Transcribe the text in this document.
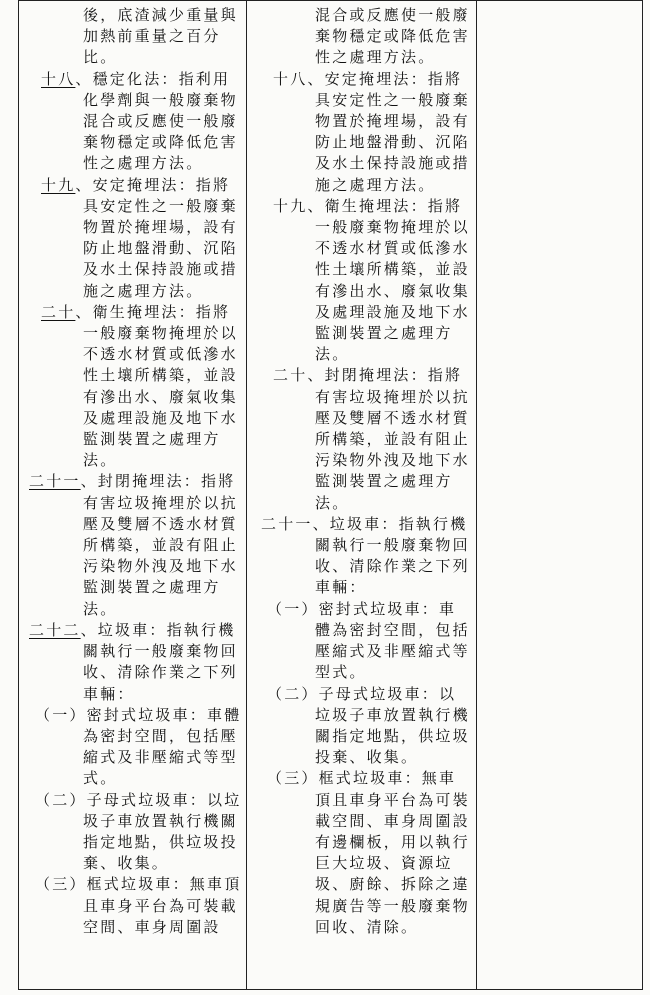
後，底渣減少重量與加熱前重量之百分比。
十八、穩定化法：指利用化學劑與一般廢棄物混合或反應使一般廢棄物穩定或降低危害性之處理方法。
十九、安定掩埋法：指將具安定性之一般廢棄物置於掩埋場，設有防止地盤滑動、沉陷及水土保持設施或措施之處理方法。
二十、衛生掩埋法：指將一般廢棄物掩埋於以不透水材質或低滲水性土壤所構築，並設有滲出水、廢氣收集及處理設施及地下水監測裝置之處理方法。
二十一、封閉掩埋法：指將有害垃圾掩埋於以抗壓及雙層不透水材質所構築，並設有阻止污染物外洩及地下水監測裝置之處理方法。
二十二、垃圾車：指執行機關執行一般廢棄物回收、清除作業之下列車輛：
（一）密封式垃圾車：車體為密封空間，包括壓縮式及非壓縮式等型式。
（二）子母式垃圾車：以垃圾子車放置執行機關指定地點，供垃圾投棄、收集。
（三）框式垃圾車：無車頂且車身平台為可裝載空間、車身周圍設

混合或反應使一般廢棄物穩定或降低危害性之處理方法。
十八、安定掩埋法：指將具安定性之一般廢棄物置於掩埋場，設有防止地盤滑動、沉陷及水土保持設施或措施之處理方法。
十九、衛生掩埋法：指將一般廢棄物掩埋於以不透水材質或低滲水性土壤所構築，並設有滲出水、廢氣收集及處理設施及地下水監測裝置之處理方法。
二十、封閉掩埋法：指將有害垃圾掩埋於以抗壓及雙層不透水材質所構築，並設有阻止污染物外洩及地下水監測裝置之處理方法。
二十一、垃圾車：指執行機關執行一般廢棄物回收、清除作業之下列車輛：
（一）密封式垃圾車：車體為密封空間，包括壓縮式及非壓縮式等型式。
（二）子母式垃圾車：以垃圾子車放置執行機關指定地點，供垃圾投棄、收集。
（三）框式垃圾車：無車頂且車身平台為可裝載空間、車身周圍設有邊欄板，用以執行巨大垃圾、資源垃圾、廚餘、拆除之違規廣告等一般廢棄物回收、清除。
